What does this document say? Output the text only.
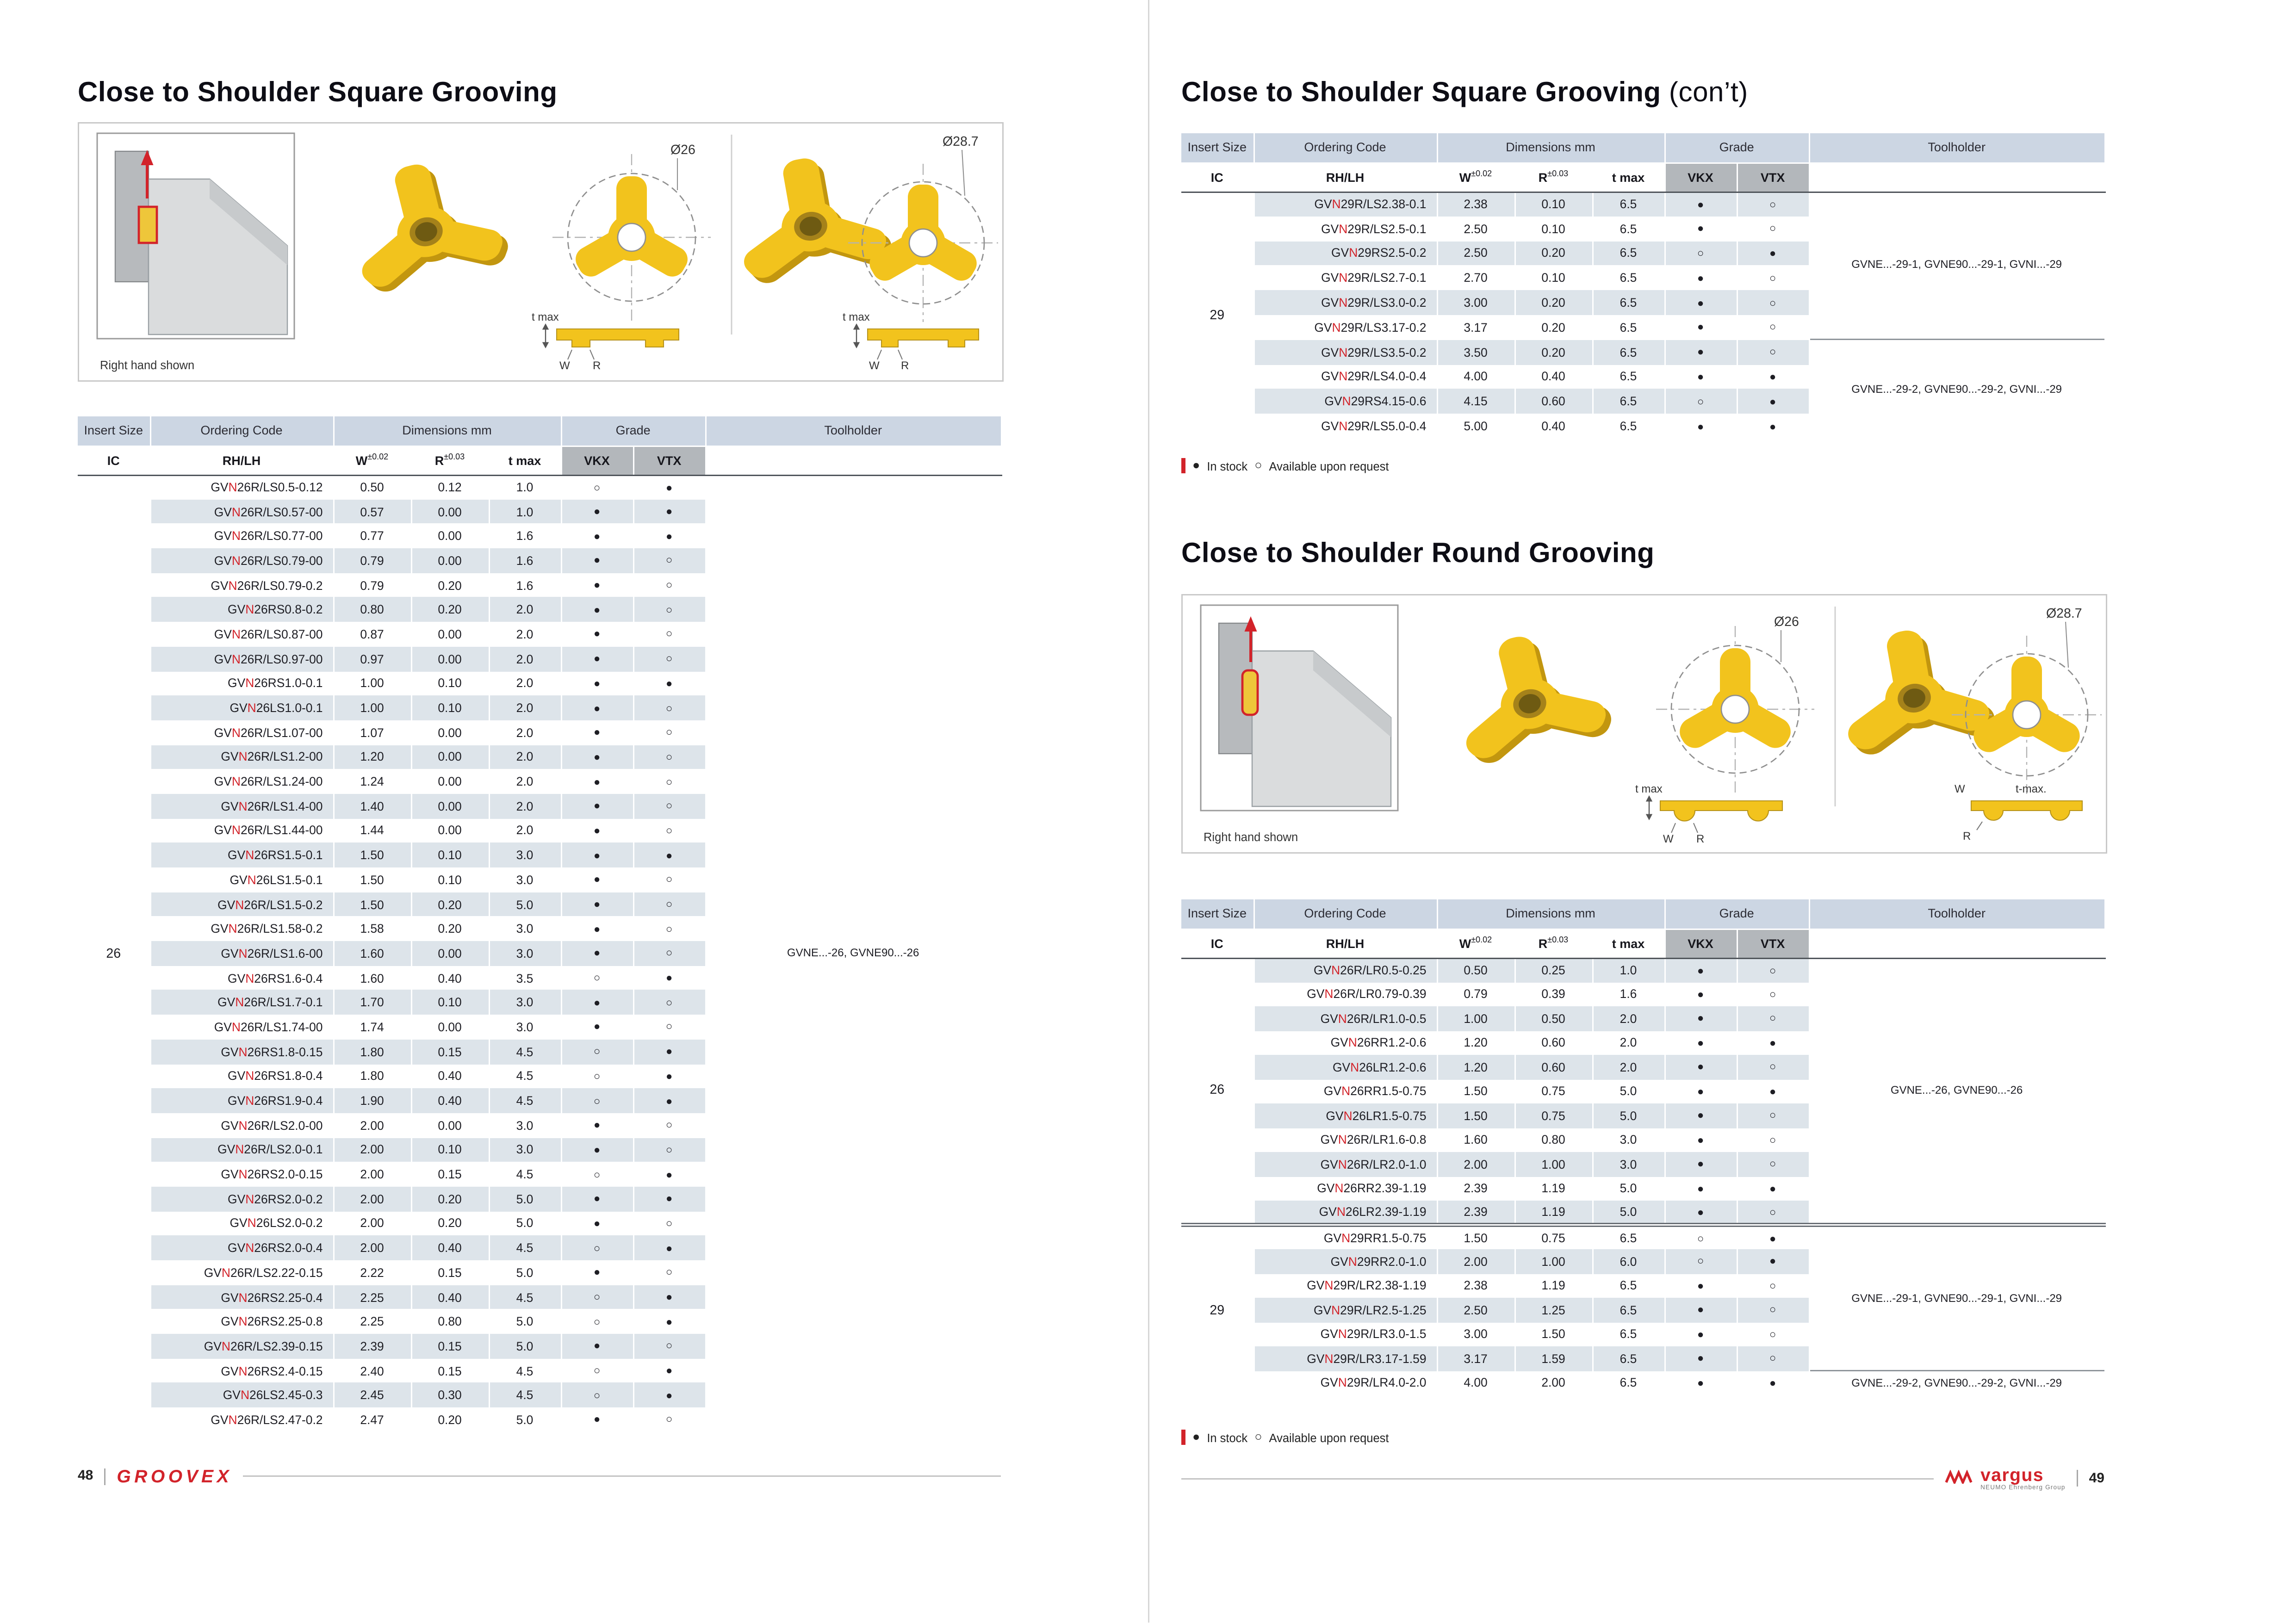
Close to Shoulder Square Grooving
Ø26
t max
W	R
Ø28.7
t max
W	R
Right hand shown
Insert Size	Ordering Code	Dimensions mm			Grade		Toolholder
IC	RH/LH	$W^{\pm 0.02}$	$R^{\pm 0.03}$	t max	VKX	VTX	
26	GVN26R/LS0.5-0.12	0.50	0.12	1.0	○	●	GVNE...-26, GVNE90...-26
	GVN26R/LS0.57-00	0.57	0.00	1.0	●	●	
	GVN26R/LS0.77-00	0.77	0.00	1.6	●	●	
	GVN26R/LS0.79-00	0.79	0.00	1.6	●	○	
	GVN26R/LS0.79-0.2	0.79	0.20	1.6	●	○	
	GVN26RS0.8-0.2	0.80	0.20	2.0	●	○	
	GVN26R/LS0.87-00	0.87	0.00	2.0	●	○	
	GVN26R/LS0.97-00	0.97	0.00	2.0	●	○	
	GVN26RS1.0-0.1	1.00	0.10	2.0	●	●	
	GVN26LS1.0-0.1	1.00	0.10	2.0	●	○	
	GVN26R/LS1.07-00	1.07	0.00	2.0	●	○	
	GVN26R/LS1.2-00	1.20	0.00	2.0	●	○	
	GVN26R/LS1.24-00	1.24	0.00	2.0	●	○	
	GVN26R/LS1.4-00	1.40	0.00	2.0	●	○	
	GVN26R/LS1.44-00	1.44	0.00	2.0	●	○	
	GVN26RS1.5-0.1	1.50	0.10	3.0	●	●	
	GVN26LS1.5-0.1	1.50	0.10	3.0	●	○	
	GVN26R/LS1.5-0.2	1.50	0.20	5.0	●	○	
	GVN26R/LS1.58-0.2	1.58	0.20	3.0	●	○	
	GVN26R/LS1.6-00	1.60	0.00	3.0	●	○	
	GVN26RS1.6-0.4	1.60	0.40	3.5	○	●	
	GVN26R/LS1.7-0.1	1.70	0.10	3.0	●	○	
	GVN26R/LS1.74-00	1.74	0.00	3.0	●	○	
	GVN26RS1.8-0.15	1.80	0.15	4.5	○	●	
	GVN26RS1.8-0.4	1.80	0.40	4.5	○	●	
	GVN26RS1.9-0.4	1.90	0.40	4.5	○	●	
	GVN26R/LS2.0-00	2.00	0.00	3.0	●	○	
	GVN26R/LS2.0-0.1	2.00	0.10	3.0	●	○	
	GVN26RS2.0-0.15	2.00	0.15	4.5	○	●	
	GVN26RS2.0-0.2	2.00	0.20	5.0	●	●	
	GVN26LS2.0-0.2	2.00	0.20	5.0	●	○	
	GVN26RS2.0-0.4	2.00	0.40	4.5	○	●	
	GVN26R/LS2.22-0.15	2.22	0.15	5.0	●	○	
	GVN26RS2.25-0.4	2.25	0.40	4.5	○	●	
	GVN26RS2.25-0.8	2.25	0.80	5.0	○	●	
	GVN26R/LS2.39-0.15	2.39	0.15	5.0	●	○	
	GVN26RS2.4-0.15	2.40	0.15	4.5	○	●	
	GVN26LS2.45-0.3	2.45	0.30	4.5	○	●	
	GVN26R/LS2.47-0.2	2.47	0.20	5.0	●	○	
48	GROOVEX
Close to Shoulder Square Grooving (con’t)
Insert Size	Ordering Code	Dimensions mm			Grade		Toolholder
IC	RH/LH	$W^{\pm 0.02}$	$R^{\pm 0.03}$	t max	VKX	VTX	
29	GVN29R/LS2.38-0.1	2.38	0.10	6.5	●	○	GVNE...-29-1, GVNE90...-29-1, GVNI...-29
	GVN29R/LS2.5-0.1	2.50	0.10	6.5	●	○	
	GVN29RS2.5-0.2	2.50	0.20	6.5	○	●	
	GVN29R/LS2.7-0.1	2.70	0.10	6.5	●	○	
	GVN29R/LS3.0-0.2	3.00	0.20	6.5	●	○	
	GVN29R/LS3.17-0.2	3.17	0.20	6.5	●	○	
	GVN29R/LS3.5-0.2	3.50	0.20	6.5	●	○	GVNE...-29-2, GVNE90...-29-2, GVNI...-29
	GVN29R/LS4.0-0.4	4.00	0.40	6.5	●	●	
	GVN29RS4.15-0.6	4.15	0.60	6.5	○	●	
	GVN29R/LS5.0-0.4	5.00	0.40	6.5	●	●	
● In stock ○ Available upon request
Close to Shoulder Round Grooving
Ø26
t max
W	R
Ø28.7
W	t-max.
R
Right hand shown
Insert Size	Ordering Code	Dimensions mm			Grade		Toolholder
IC	RH/LH	$W^{\pm 0.02}$	$R^{\pm 0.03}$	t max	VKX	VTX	
26	GVN26R/LR0.5-0.25	0.50	0.25	1.0	●	○	GVNE...-26, GVNE90...-26
	GVN26R/LR0.79-0.39	0.79	0.39	1.6	●	○	
	GVN26R/LR1.0-0.5	1.00	0.50	2.0	●	○	
	GVN26RR1.2-0.6	1.20	0.60	2.0	●	●	
	GVN26LR1.2-0.6	1.20	0.60	2.0	●	○	
	GVN26RR1.5-0.75	1.50	0.75	5.0	●	●	
	GVN26LR1.5-0.75	1.50	0.75	5.0	●	○	
	GVN26R/LR1.6-0.8	1.60	0.80	3.0	●	○	
	GVN26R/LR2.0-1.0	2.00	1.00	3.0	●	○	
	GVN26RR2.39-1.19	2.39	1.19	5.0	●	●	
	GVN26LR2.39-1.19	2.39	1.19	5.0	●	○	
29	GVN29RR1.5-0.75	1.50	0.75	6.5	○	●	GVNE...-29-1, GVNE90...-29-1, GVNI...-29
	GVN29RR2.0-1.0	2.00	1.00	6.0	○	●	
	GVN29R/LR2.38-1.19	2.38	1.19	6.5	●	○	
	GVN29R/LR2.5-1.25	2.50	1.25	6.5	●	○	
	GVN29R/LR3.0-1.5	3.00	1.50	6.5	●	○	
	GVN29R/LR3.17-1.59	3.17	1.59	6.5	●	○	
	GVN29R/LR4.0-2.0	4.00	2.00	6.5	●	●	GVNE...-29-2, GVNE90...-29-2, GVNI...-29
● In stock ○ Available upon request
vargus
NEUMO Ehrenberg Group
49
